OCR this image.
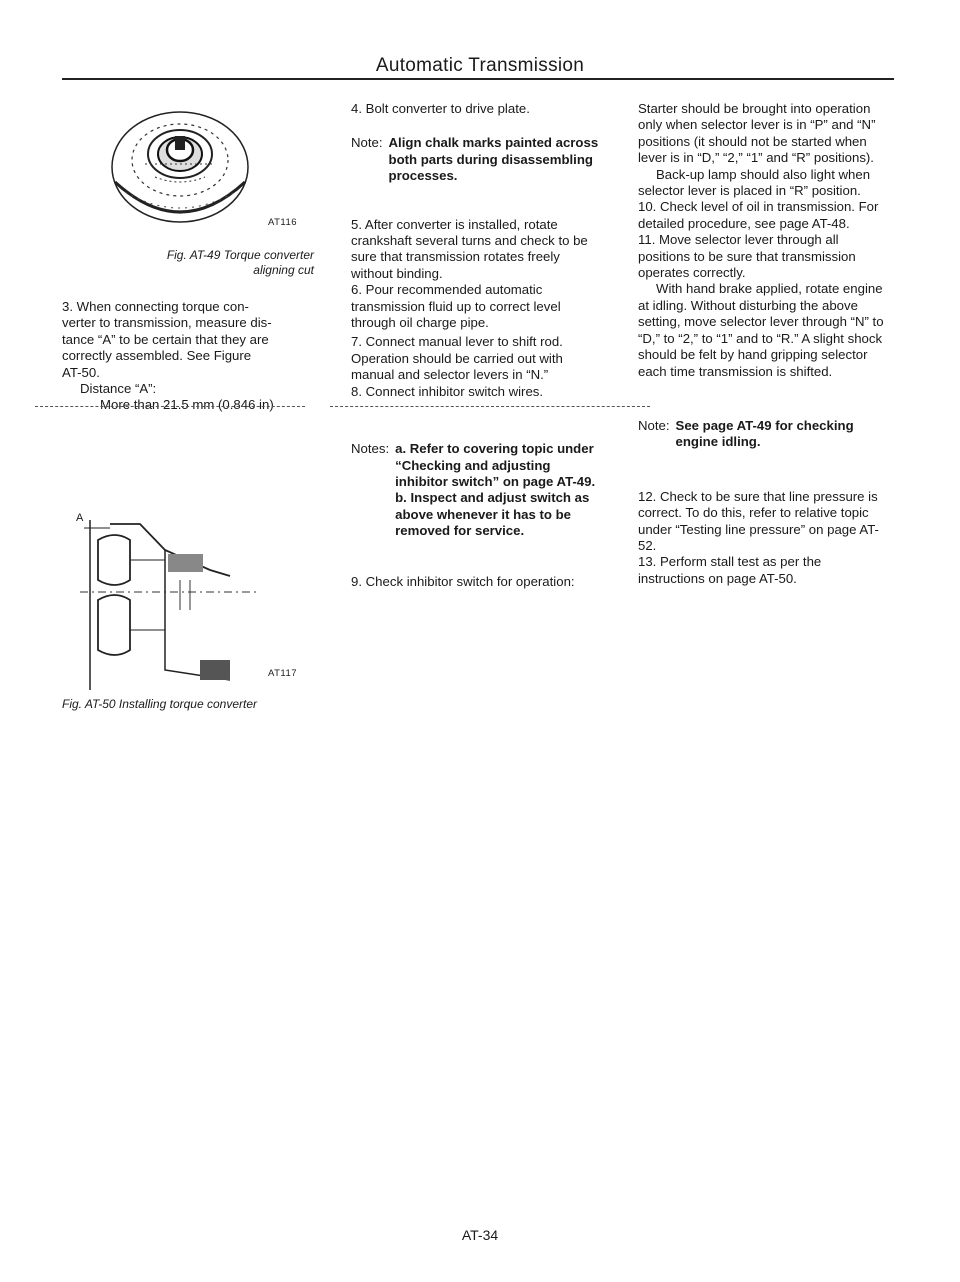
Automatic Transmission
AT116
Fig. AT-49 Torque converter
aligning cut
3. When connecting torque con-
verter to transmission, measure dis-
tance “A” to be certain that they are
correctly assembled. See Figure
AT-50.
Distance “A”:
More than 21.5 mm (0.846 in)
A
AT117
Fig. AT-50 Installing torque converter

4. Bolt converter to drive plate.

Note: Align chalk marks painted across both parts during disassembling processes.

5. After converter is installed, rotate crankshaft several turns and check to be sure that transmission rotates freely without binding.

6. Pour recommended automatic transmission fluid up to correct level through oil charge pipe.

7. Connect manual lever to shift rod. Operation should be carried out with manual and selector levers in “N.”

8. Connect inhibitor switch wires.

Notes: a. Refer to covering topic under “Checking and adjusting inhibitor switch” on page AT-49.
b. Inspect and adjust switch as above whenever it has to be removed for service.

9. Check inhibitor switch for operation:

Starter should be brought into operation only when selector lever is in “P” and “N” positions (it should not be started when lever is in “D,” “2,” “1” and “R” positions).

Back-up lamp should also light when selector lever is placed in “R” position.

10. Check level of oil in transmission. For detailed procedure, see page AT-48.

11. Move selector lever through all positions to be sure that transmission operates correctly.

With hand brake applied, rotate engine at idling. Without disturbing the above setting, move selector lever through “N” to “D,” to “2,” to “1” and to “R.” A slight shock should be felt by hand gripping selector each time transmission is shifted.

Note: See page AT-49 for checking engine idling.

12. Check to be sure that line pressure is correct. To do this, refer to relative topic under “Testing line pressure” on page AT-52.

13. Perform stall test as per the instructions on page AT-50.

AT-34
